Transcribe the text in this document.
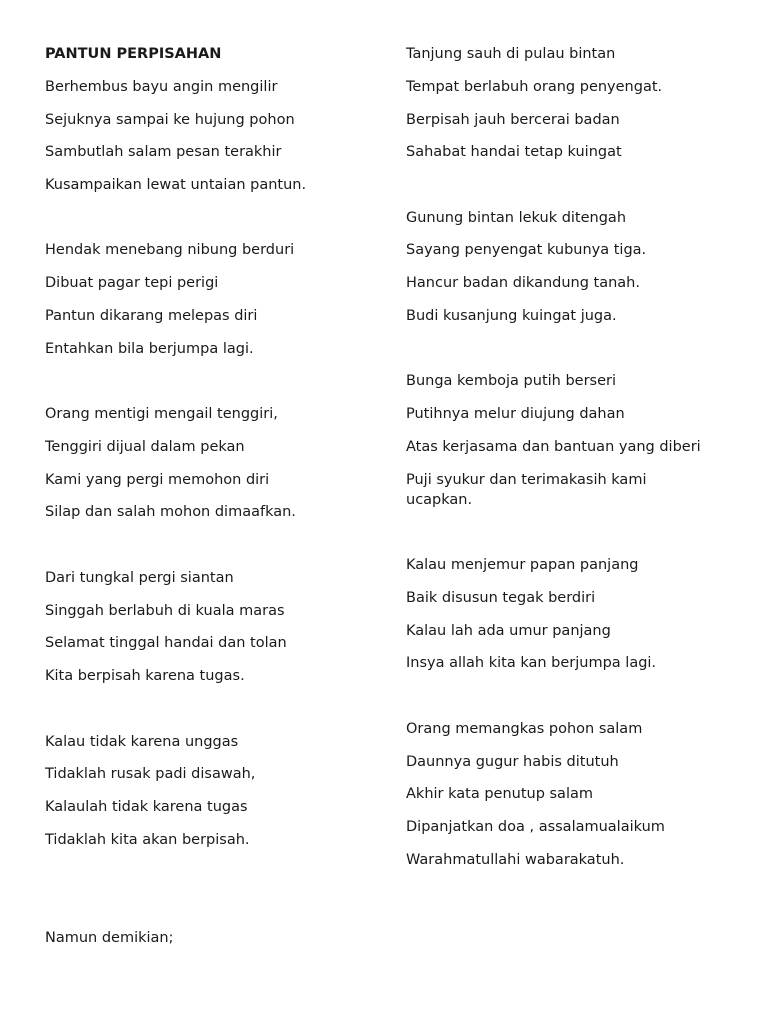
PANTUN PERPISAHAN
Berhembus bayu angin mengilir
Sejuknya sampai ke hujung pohon
Sambutlah salam pesan terakhir
Kusampaikan lewat untaian pantun.
Hendak menebang nibung berduri
Dibuat pagar tepi perigi
Pantun dikarang melepas diri
Entahkan bila berjumpa lagi.
Orang mentigi mengail tenggiri,
Tenggiri dijual dalam pekan
Kami yang pergi memohon diri
Silap dan salah mohon dimaafkan.
Dari tungkal pergi siantan
Singgah berlabuh di kuala maras
Selamat tinggal handai dan tolan
Kita berpisah karena tugas.
Kalau tidak karena unggas
Tidaklah rusak padi disawah,
Kalaulah tidak karena tugas
Tidaklah kita akan berpisah.
Namun demikian;
Tanjung sauh di pulau bintan
Tempat berlabuh orang penyengat.
Berpisah jauh bercerai badan
Sahabat handai tetap kuingat
Gunung bintan lekuk ditengah
Sayang penyengat kubunya tiga.
Hancur badan dikandung tanah.
Budi kusanjung kuingat juga.
Bunga kemboja putih berseri
Putihnya melur diujung dahan
Atas kerjasama dan bantuan yang diberi
Puji syukur dan terimakasih kami ucapkan.
Kalau menjemur papan panjang
Baik disusun tegak berdiri
Kalau lah ada umur panjang
Insya allah kita kan berjumpa lagi.
Orang memangkas pohon salam
Daunnya gugur habis ditutuh
Akhir kata penutup salam
Dipanjatkan doa , assalamualaikum
Warahmatullahi wabarakatuh.
